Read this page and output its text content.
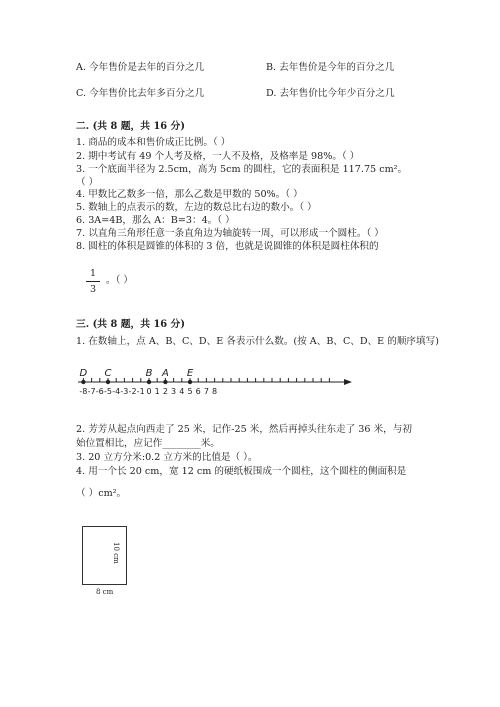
A. 今年售价是去年的百分之几	B. 去年售价是今年的百分之几
C. 今年售价比去年多百分之几	D. 去年售价比今年少百分之几
二. (共 8 题，共 16 分)
1. 商品的成本和售价成正比例。（ ）
2. 期中考试有 49 个人考及格，一人不及格，及格率是 98%。（ ）
3. 一个底面半径为 2.5cm，高为 5cm 的圆柱，它的表面积是 117.75 cm²。
（ ）
4. 甲数比乙数多一倍，那么乙数是甲数的 50%。（ ）
5. 数轴上的点表示的数，左边的数总比右边的数小。（ ）
6. 3A=4B，那么 A：B=3：4。（ ）
7. 以直角三角形任意一条直角边为轴旋转一周，可以形成一个圆柱。（ ）
8. 圆柱的体积是圆锥的体积的 3 倍，也就是说圆锥的体积是圆柱体积的
1
3
。（ ）
三. (共 8 题，共 16 分)
1. 在数轴上，点 A、B、C、D、E 各表示什么数。(按 A、B、C、D、E 的顺序填写)
-8 -7 -6 -5 -4 -3 -2 -1 0 1 2 3 4 5 6 7 8
D C	B A E
2. 芳芳从起点向西走了 25 米，记作-25 米，然后再掉头往东走了 36 米，与初
始位置相比，应记作________米。
3. 20 立方分米:0.2 立方米的比值是（ ）。
4. 用一个长 20 cm，宽 12 cm 的硬纸板围成一个圆柱，这个圆柱的侧面积是
（ ）cm²。
10 cm
8 cm
